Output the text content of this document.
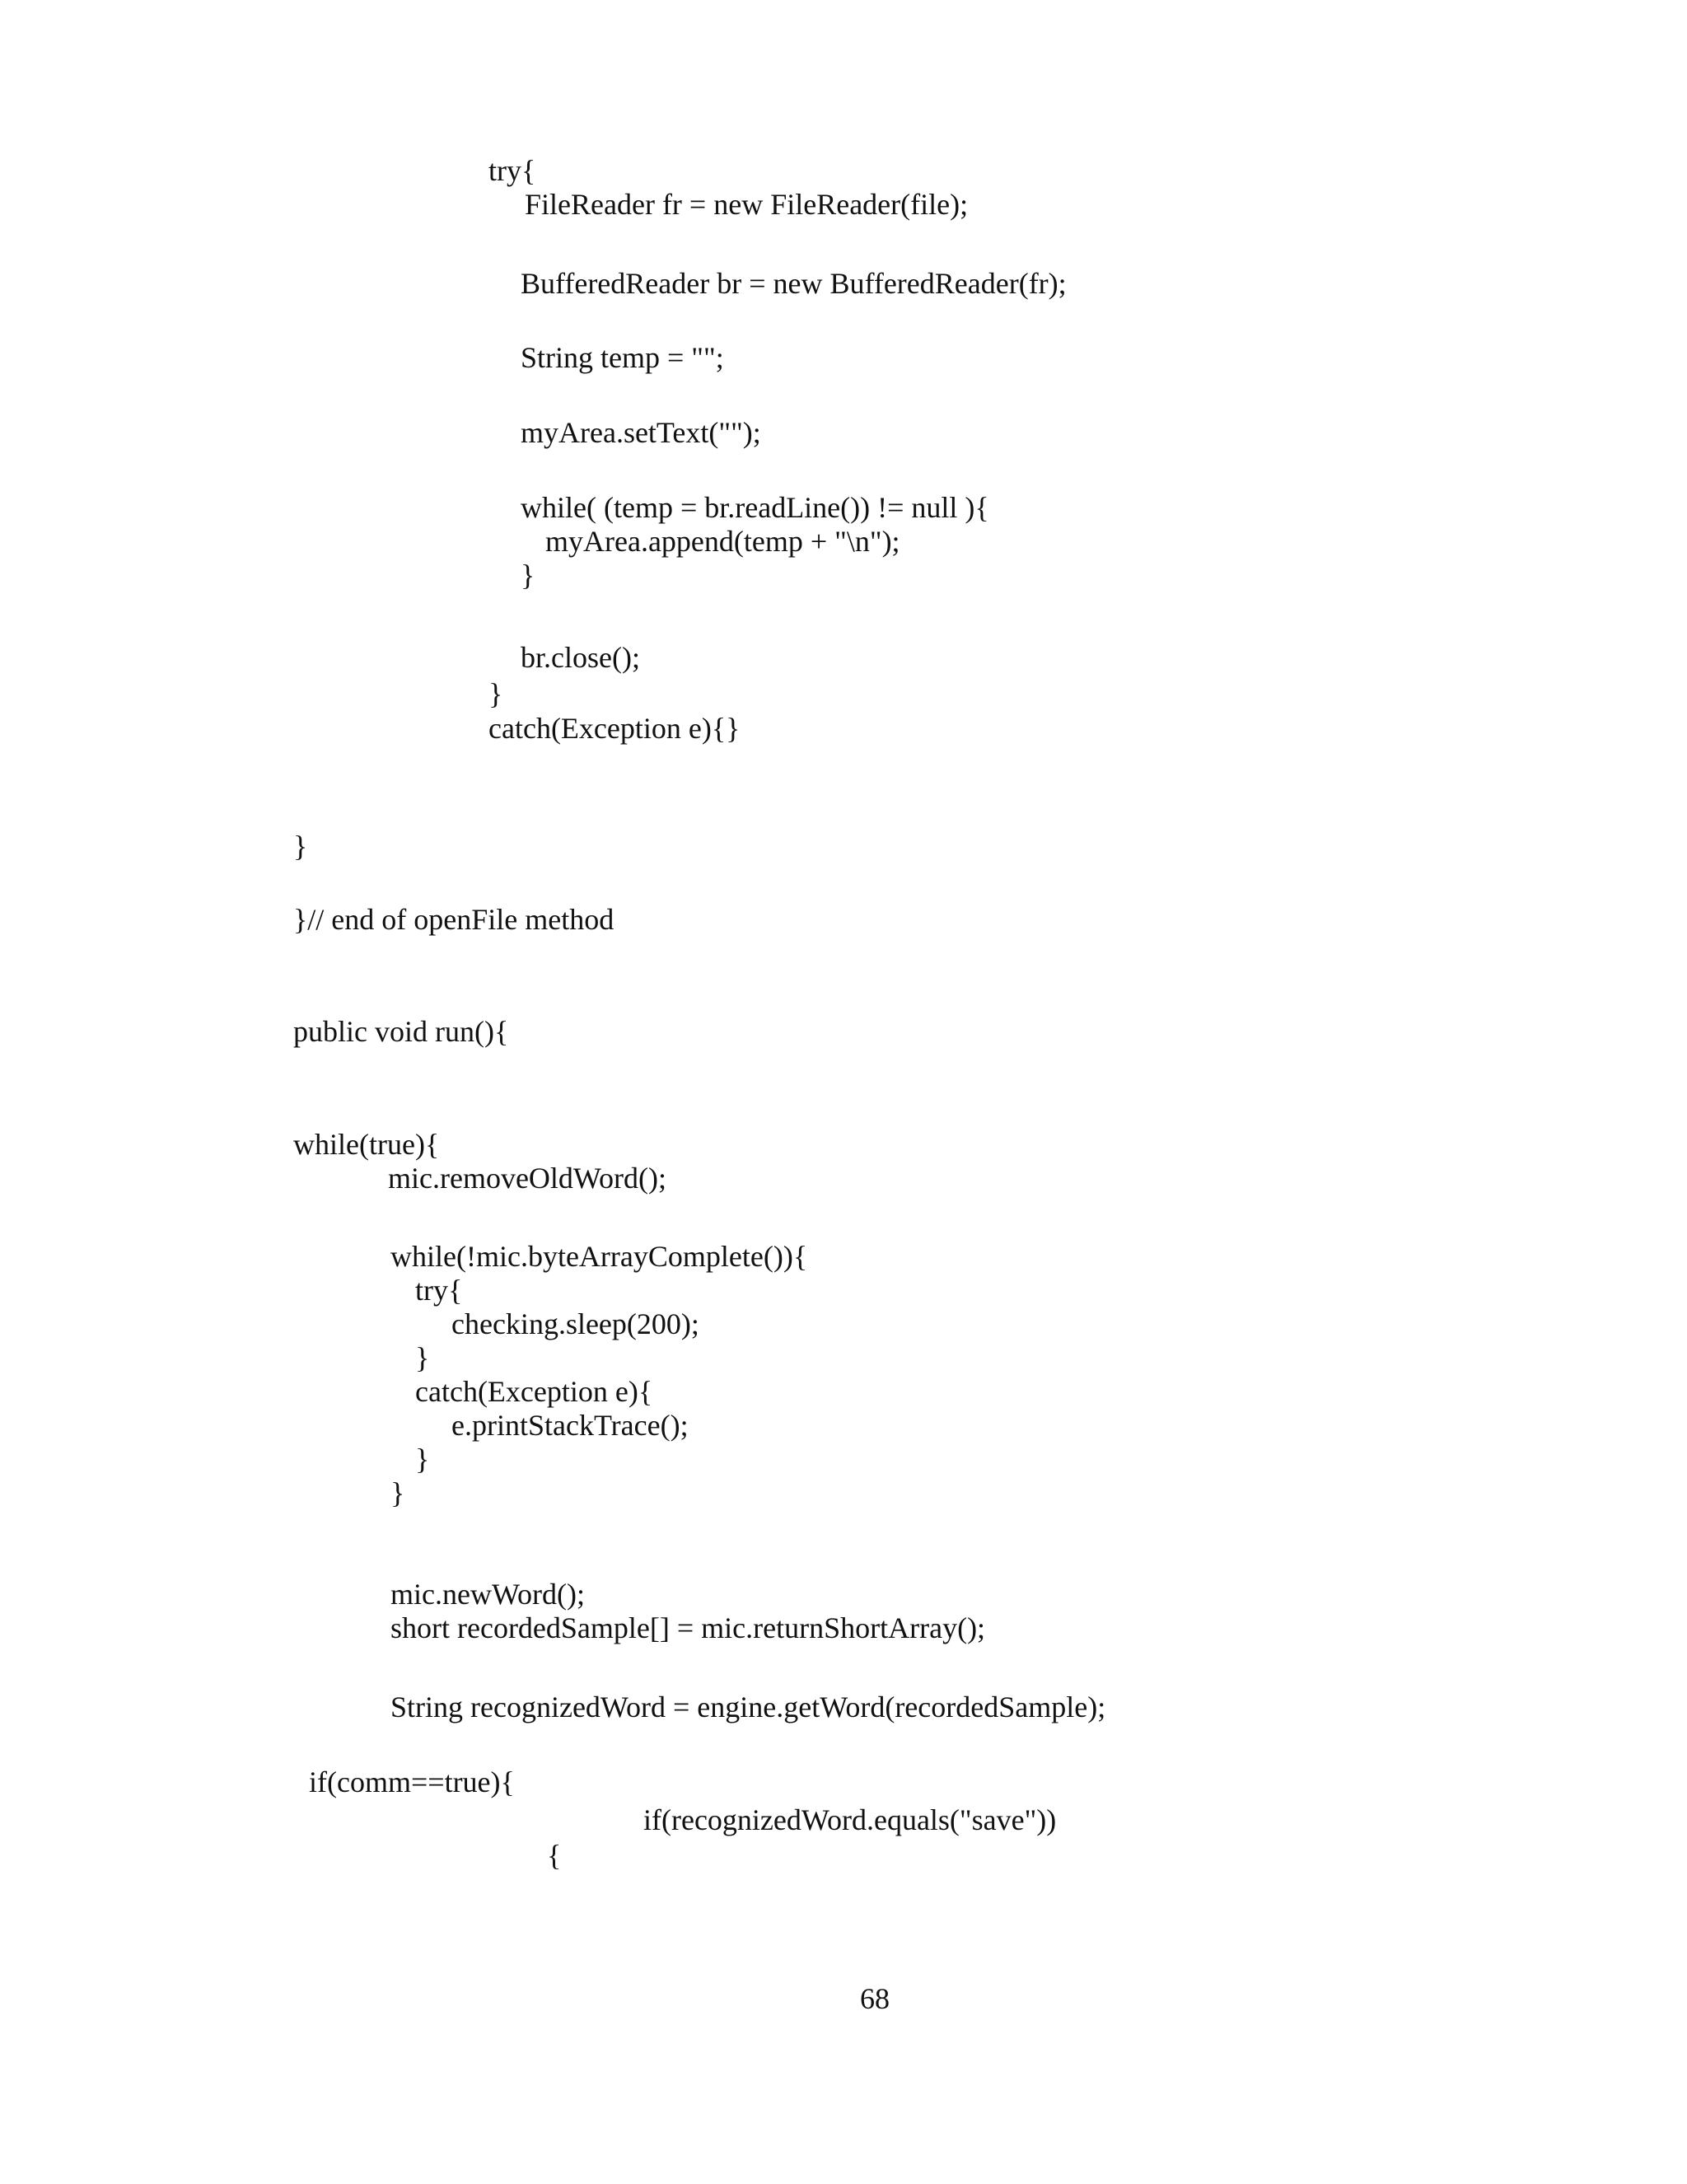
try{
FileReader fr = new FileReader(file);
BufferedReader br = new BufferedReader(fr);
String temp = "";
myArea.setText("");
while( (temp = br.readLine()) != null ){
myArea.append(temp + "\n");
}
br.close();
}
catch(Exception e){}
}
}// end of openFile method
public void run(){
while(true){
mic.removeOldWord();
while(!mic.byteArrayComplete()){
try{
checking.sleep(200);
}
catch(Exception e){
e.printStackTrace();
}
}
mic.newWord();
short recordedSample[] = mic.returnShortArray();
String recognizedWord = engine.getWord(recordedSample);
if(comm==true){
if(recognizedWord.equals("save"))
{
68
